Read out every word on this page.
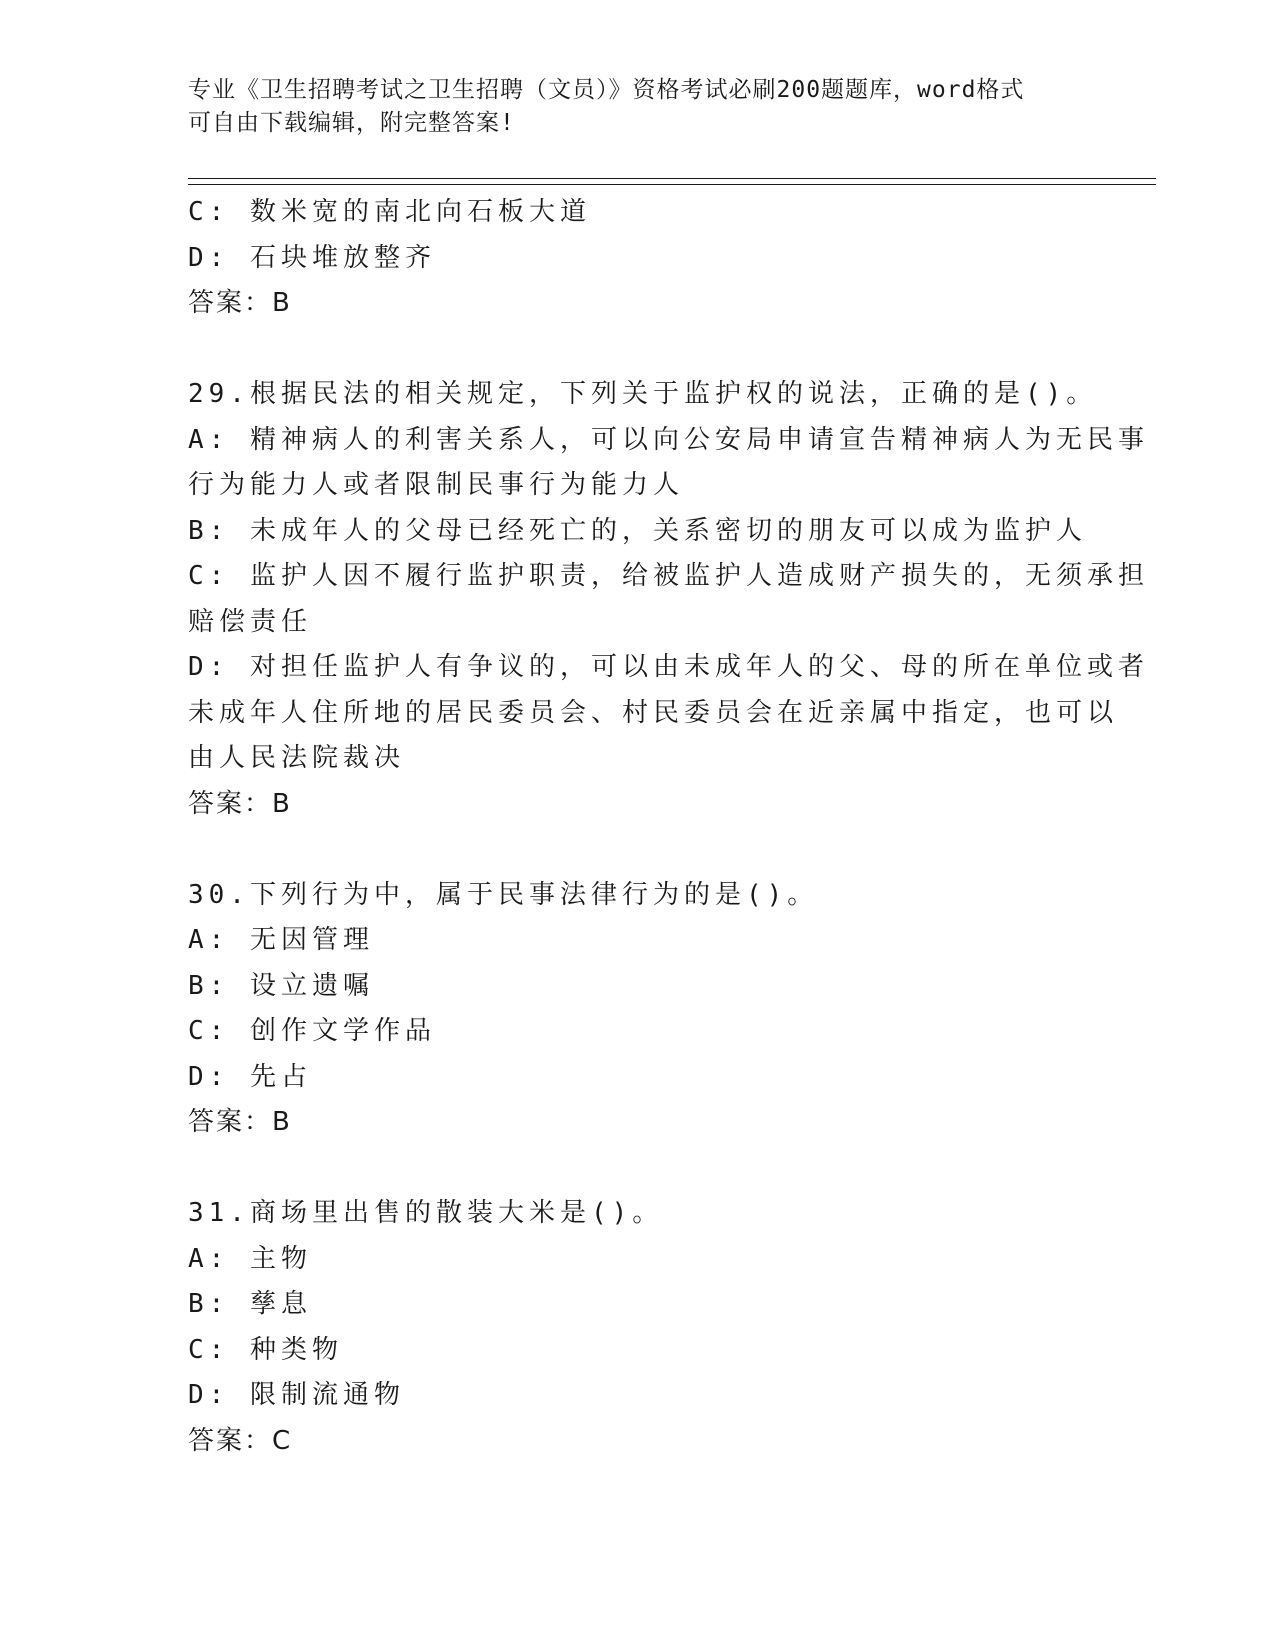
专业《卫生招聘考试之卫生招聘（文员）》资格考试必刷200题题库，word格式
可自由下载编辑，附完整答案!
C: 数米宽的南北向石板大道
D: 石块堆放整齐
答案：B
29.根据民法的相关规定，下列关于监护权的说法，正确的是()。
A: 精神病人的利害关系人，可以向公安局申请宣告精神病人为无民事
行为能力人或者限制民事行为能力人
B: 未成年人的父母已经死亡的，关系密切的朋友可以成为监护人
C: 监护人因不履行监护职责，给被监护人造成财产损失的，无须承担
赔偿责任
D: 对担任监护人有争议的，可以由未成年人的父、母的所在单位或者
未成年人住所地的居民委员会、村民委员会在近亲属中指定，也可以
由人民法院裁决
答案：B
30.下列行为中，属于民事法律行为的是()。
A: 无因管理
B: 设立遗嘱
C: 创作文学作品
D: 先占
答案：B
31.商场里出售的散装大米是()。
A: 主物
B: 孳息
C: 种类物
D: 限制流通物
答案：C
